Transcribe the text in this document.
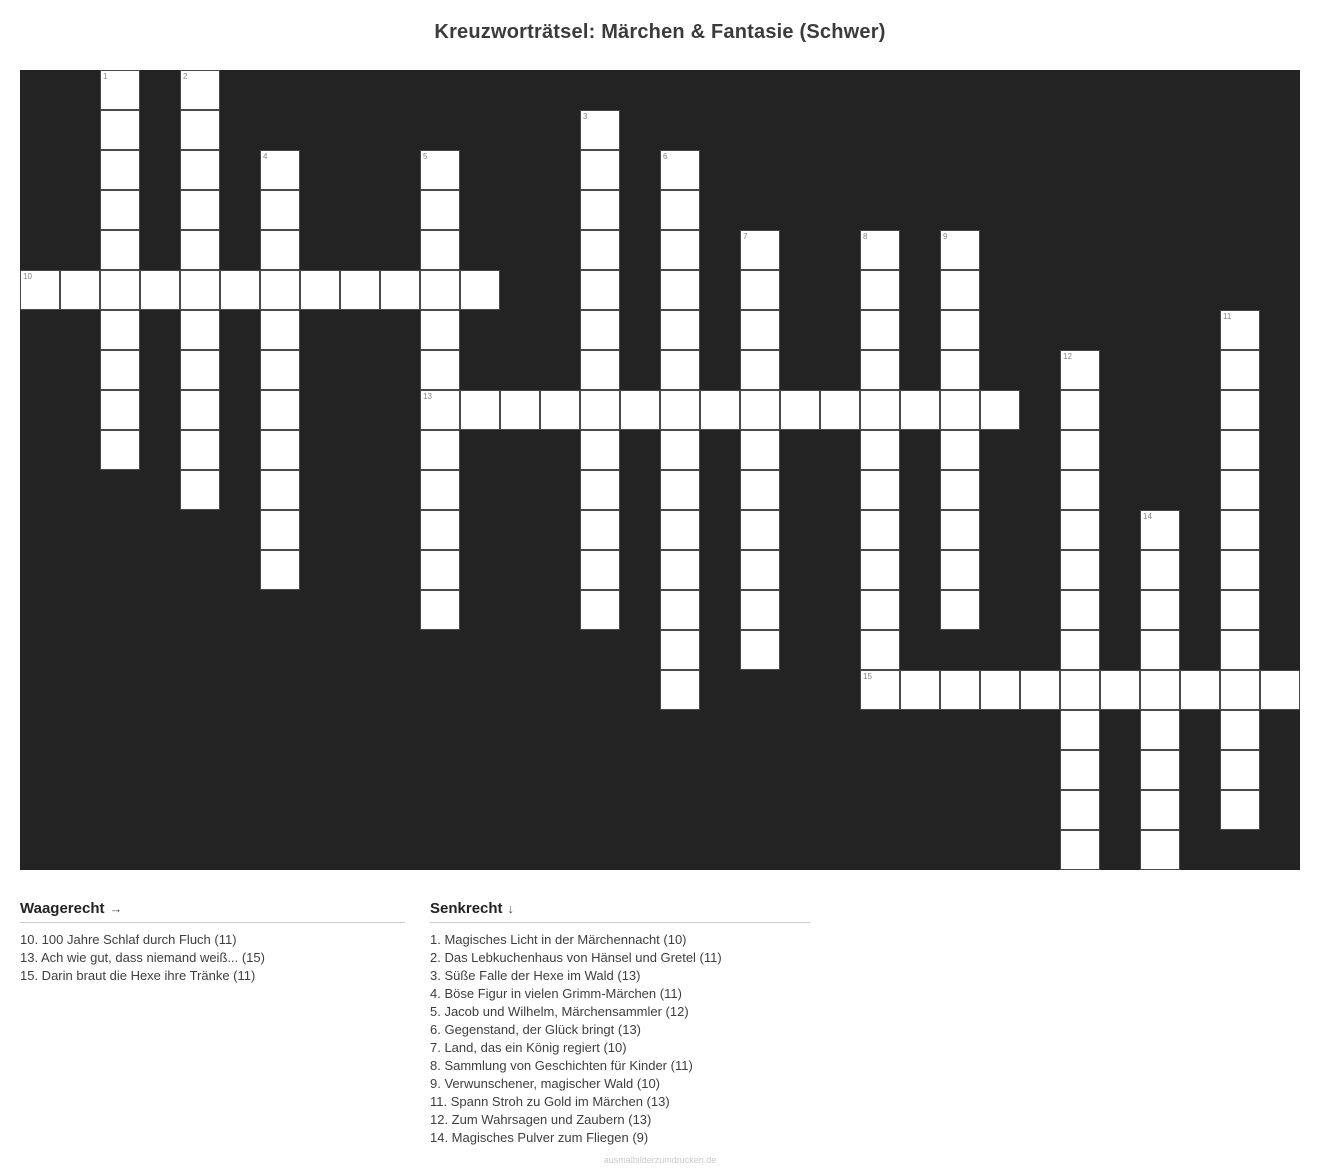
Kreuzworträtsel: Märchen & Fantasie (Schwer)
1	2
3
4	5
13
6
7	8
15
9
10
11
12
14
Waagerecht →
10. 100 Jahre Schlaf durch Fluch (11)
13. Ach wie gut, dass niemand weiß... (15)
15. Darin braut die Hexe ihre Tränke (11)
Senkrecht ↓
1. Magisches Licht in der Märchennacht (10)
2. Das Lebkuchenhaus von Hänsel und Gretel (11)
3. Süße Falle der Hexe im Wald (13)
4. Böse Figur in vielen Grimm-Märchen (11)
5. Jacob und Wilhelm, Märchensammler (12)
6. Gegenstand, der Glück bringt (13)
7. Land, das ein König regiert (10)
8. Sammlung von Geschichten für Kinder (11)
9. Verwunschener, magischer Wald (10)
11. Spann Stroh zu Gold im Märchen (13)
12. Zum Wahrsagen und Zaubern (13)
14. Magisches Pulver zum Fliegen (9)
ausmalbilderzumdrucken.de
